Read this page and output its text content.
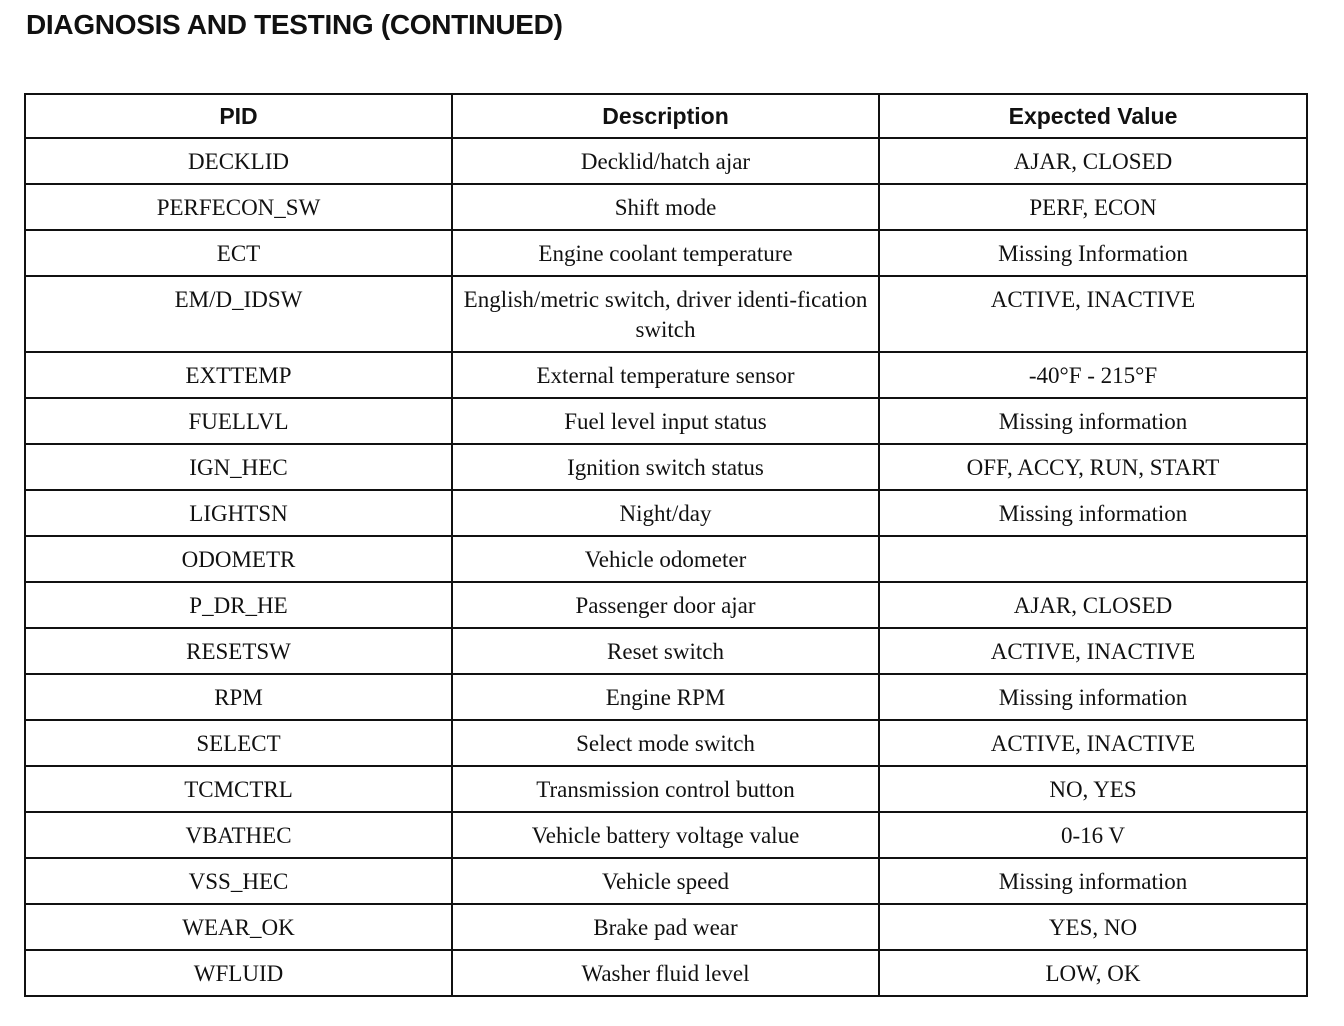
DIAGNOSIS AND TESTING (CONTINUED)
PID	Description	Expected Value
DECKLID	Decklid/hatch ajar	AJAR, CLOSED
PERFECON_SW	Shift mode	PERF, ECON
ECT	Engine coolant temperature	Missing Information
EM/D_IDSW	English/metric switch, driver identi-fication switch	ACTIVE, INACTIVE
EXTTEMP	External temperature sensor	-40°F - 215°F
FUELLVL	Fuel level input status	Missing information
IGN_HEC	Ignition switch status	OFF, ACCY, RUN, START
LIGHTSN	Night/day	Missing information
ODOMETR	Vehicle odometer	
P_DR_HE	Passenger door ajar	AJAR, CLOSED
RESETSW	Reset switch	ACTIVE, INACTIVE
RPM	Engine RPM	Missing information
SELECT	Select mode switch	ACTIVE, INACTIVE
TCMCTRL	Transmission control button	NO, YES
VBATHEC	Vehicle battery voltage value	0-16 V
VSS_HEC	Vehicle speed	Missing information
WEAR_OK	Brake pad wear	YES, NO
WFLUID	Washer fluid level	LOW, OK
